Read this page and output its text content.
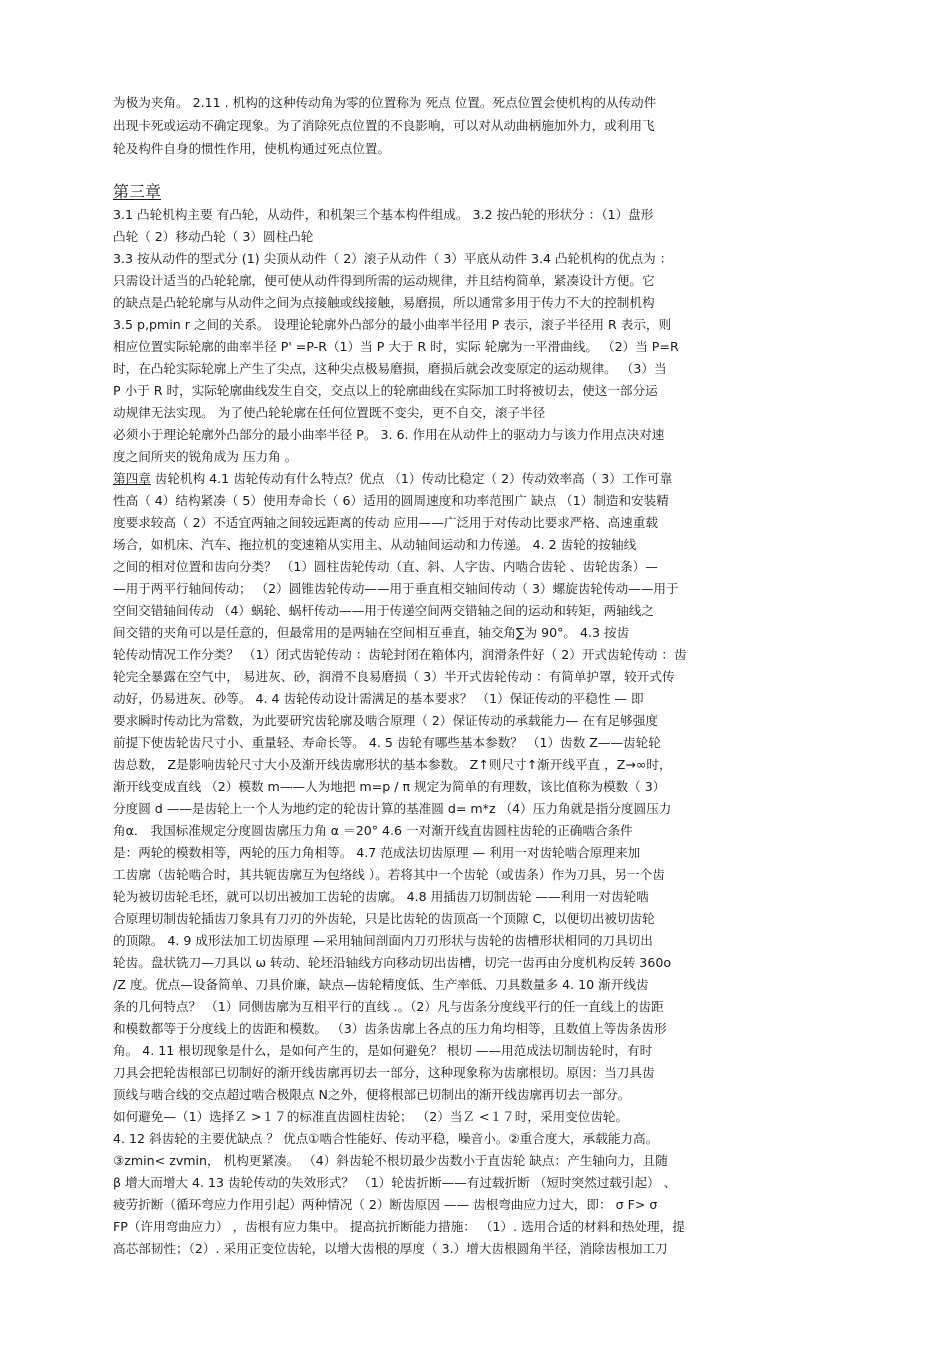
为极为夹角。 2.11 . 机构的这种传动角为零的位置称为 死点 位置。死点位置会使机构的从传动件
出现卡死或运动不确定现象。为了消除死点位置的不良影响，可以对从动曲柄施加外力，或利用飞
轮及构件自身的惯性作用，使机构通过死点位置。
第三章
3.1 凸轮机构主要 有凸轮，从动件，和机架三个基本构件组成。 3.2 按凸轮的形状分 ：（1）盘形
凸轮（ 2）移动凸轮（ 3）圆柱凸轮
3.3 按从动件的型式分 (1) 尖顶从动件（ 2）滚子从动件（ 3）平底从动件 3.4 凸轮机构的优点为 ：
只需设计适当的凸轮轮廓，便可使从动件得到所需的运动规律，并且结构简单，紧凑设计方便。它
的缺点是凸轮轮廓与从动件之间为点接触或线接触，易磨损，所以通常多用于传力不大的控制机构
3.5 p,pmin r 之间的关系。 设理论轮廓外凸部分的最小曲率半径用 P 表示，滚子半径用 R 表示，则
相应位置实际轮廓的曲率半径 P' =P-R（1）当 P 大于 R 时，实际 轮廓为一平滑曲线。 （2）当 P=R
时，在凸轮实际轮廓上产生了尖点，这种尖点极易磨损，磨损后就会改变原定的运动规律。 （3）当
P 小于 R 时，实际轮廓曲线发生自交，交点以上的轮廓曲线在实际加工时将被切去，使这一部分运
动规律无法实现。 为了使凸轮轮廓在任何位置既不变尖，更不自交，滚子半径
必须小于理论轮廓外凸部分的最小曲率半径 P。 3. 6. 作用在从动件上的驱动力与该力作用点决对速
度之间所夹的锐角成为 压力角 。
第四章 齿轮机构 4.1 齿轮传动有什么特点？优点 （1）传动比稳定（ 2）传动效率高（ 3）工作可靠
性高（ 4）结构紧凑（ 5）使用寿命长（ 6）适用的圆周速度和功率范围广 缺点 （1）制造和安装精
度要求较高（ 2）不适宜两轴之间较远距离的传动 应用——广泛用于对传动比要求严格、高速重载
场合，如机床、汽车、拖拉机的变速箱从实用主、从动轴间运动和力传递。 4. 2 齿轮的按轴线
之间的相对位置和齿向分类？ （1）圆柱齿轮传动（直、斜、人字齿、内啮合齿轮 、齿轮齿条）—
—用于两平行轴间传动； （2）圆锥齿轮传动——用于垂直相交轴间传动（ 3）螺旋齿轮传动——用于
空间交错轴间传动 （4）蜗轮、蜗杆传动——用于传递空间两交错轴之间的运动和转矩，两轴线之
间交错的夹角可以是任意的，但最常用的是两轴在空间相互垂直，轴交角∑为 90°。 4.3 按齿
轮传动情况工作分类？ （1）闭式齿轮传动 ：齿轮封闭在箱体内，润滑条件好（ 2）开式齿轮传动 ：齿
轮完全暴露在空气中， 易进灰、砂，润滑不良易磨损（ 3）半开式齿轮传动 ：有简单护罩，较开式传
动好，仍易进灰、砂等。 4. 4 齿轮传动设计需满足的基本要求？ （1）保证传动的平稳性 — 即
要求瞬时传动比为常数，为此要研究齿轮廓及啮合原理（ 2）保证传动的承载能力— 在有足够强度
前提下使齿轮齿尺寸小、重量轻、寿命长等。 4. 5 齿轮有哪些基本参数？ （1）齿数 Z——齿轮轮
齿总数， Z是影响齿轮尺寸大小及渐开线齿廓形状的基本参数。 Z↑则尺寸↑渐开线平直 ，Z→∞时，
渐开线变成直线 （2）模数 m——人为地把 m=p / π 规定为简单的有理数，该比值称为模数（ 3）
分度圆 d ——是齿轮上一个人为地约定的轮齿计算的基准圆 d= m*z （4）压力角就是指分度圆压力
角α． 我国标准规定分度圆齿廓压力角 α ＝20° 4.6 一对渐开线直齿圆柱齿轮的正确啮合条件
是：两轮的模数相等，两轮的压力角相等。 4.7 范成法切齿原理 — 利用一对齿轮啮合原理来加
工齿廓（齿轮啮合时，其共轭齿廓互为包络线 ）。若将其中一个齿轮（或齿条）作为刀具，另一个齿
轮为被切齿轮毛坯，就可以切出被加工齿轮的齿廓。 4.8 用插齿刀切制齿轮 ——利用一对齿轮啮
合原理切制齿轮插齿刀象具有刀刃的外齿轮，只是比齿轮的齿顶高一个顶隙 C，以便切出被切齿轮
的顶隙。 4. 9 成形法加工切齿原理 —采用轴间剖面内刀刃形状与齿轮的齿槽形状相同的刀具切出
轮齿。盘状铣刀—刀具以 ω 转动、轮坯沿轴线方向移动切出齿槽，切完一齿再由分度机构反转 360o
/Z 度。优点—设备简单、刀具价廉，缺点—齿轮精度低、生产率低、刀具数量多 4. 10 渐开线齿
条的几何特点？ （1）同侧齿廓为互相平行的直线 .。（2）凡与齿条分度线平行的任一直线上的齿距
和模数都等于分度线上的齿距和模数。 （3）齿条齿廓上各点的压力角均相等，且数值上等齿条齿形
角。 4. 11 根切现象是什么，是如何产生的，是如何避免？ 根切 ——用范成法切制齿轮时，有时
刀具会把轮齿根部已切制好的渐开线齿廓再切去一部分，这种现象称为齿廓根切。原因：当刀具齿
顶线与啮合线的交点超过啮合极限点 N之外，便将根部已切制出的渐开线齿廓再切去一部分。
如何避免—（1）选择Ｚ >１７的标准直齿圆柱齿轮； （2）当Ｚ <１７时，采用变位齿轮。
4. 12 斜齿轮的主要优缺点 ？ 优点①啮合性能好、传动平稳，噪音小。②重合度大，承载能力高。
③zmin< zvmin， 机构更紧凑。 （4）斜齿轮不根切最少齿数小于直齿轮 缺点：产生轴向力，且随
β 增大而增大 4. 13 齿轮传动的失效形式？ （1）轮齿折断——有过载折断 （短时突然过载引起） 、
疲劳折断（循环弯应力作用引起）两种情况（ 2）断齿原因 —— 齿根弯曲应力过大，即： σ F> σ
FP（许用弯曲应力） ，齿根有应力集中。 提高抗折断能力措施： （1）. 选用合适的材料和热处理，提
高芯部韧性；（2）. 采用正变位齿轮，以增大齿根的厚度（ 3.）增大齿根圆角半径，消除齿根加工刀
